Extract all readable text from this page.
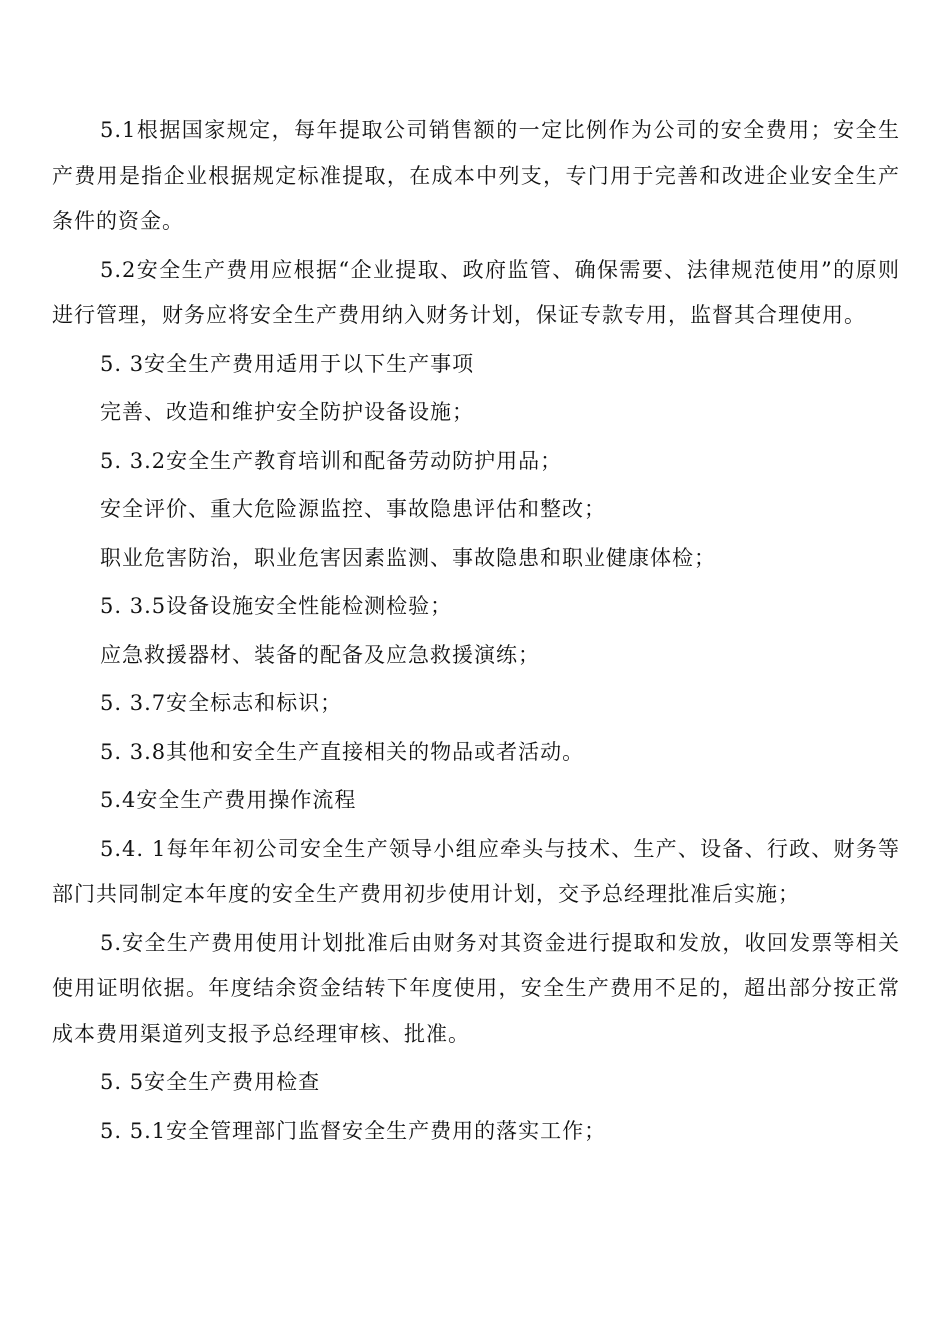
5.1根据国家规定，每年提取公司销售额的一定比例作为公司的安全费用；安全生产费用是指企业根据规定标准提取，在成本中列支，专门用于完善和改进企业安全生产条件的资金。

5.2安全生产费用应根据“企业提取、政府监管、确保需要、法律规范使用”的原则进行管理，财务应将安全生产费用纳入财务计划，保证专款专用，监督其合理使用。

5. 3安全生产费用适用于以下生产事项

完善、改造和维护安全防护设备设施；

5. 3.2安全生产教育培训和配备劳动防护用品；

安全评价、重大危险源监控、事故隐患评估和整改；

职业危害防治，职业危害因素监测、事故隐患和职业健康体检；

5. 3.5设备设施安全性能检测检验；

应急救援器材、装备的配备及应急救援演练；

5. 3.7安全标志和标识；

5. 3.8其他和安全生产直接相关的物品或者活动。

5.4安全生产费用操作流程

5.4. 1每年年初公司安全生产领导小组应牵头与技术、生产、设备、行政、财务等部门共同制定本年度的安全生产费用初步使用计划，交予总经理批准后实施；

5.安全生产费用使用计划批准后由财务对其资金进行提取和发放，收回发票等相关使用证明依据。年度结余资金结转下年度使用，安全生产费用不足的，超出部分按正常成本费用渠道列支报予总经理审核、批准。

5. 5安全生产费用检查

5. 5.1安全管理部门监督安全生产费用的落实工作；
